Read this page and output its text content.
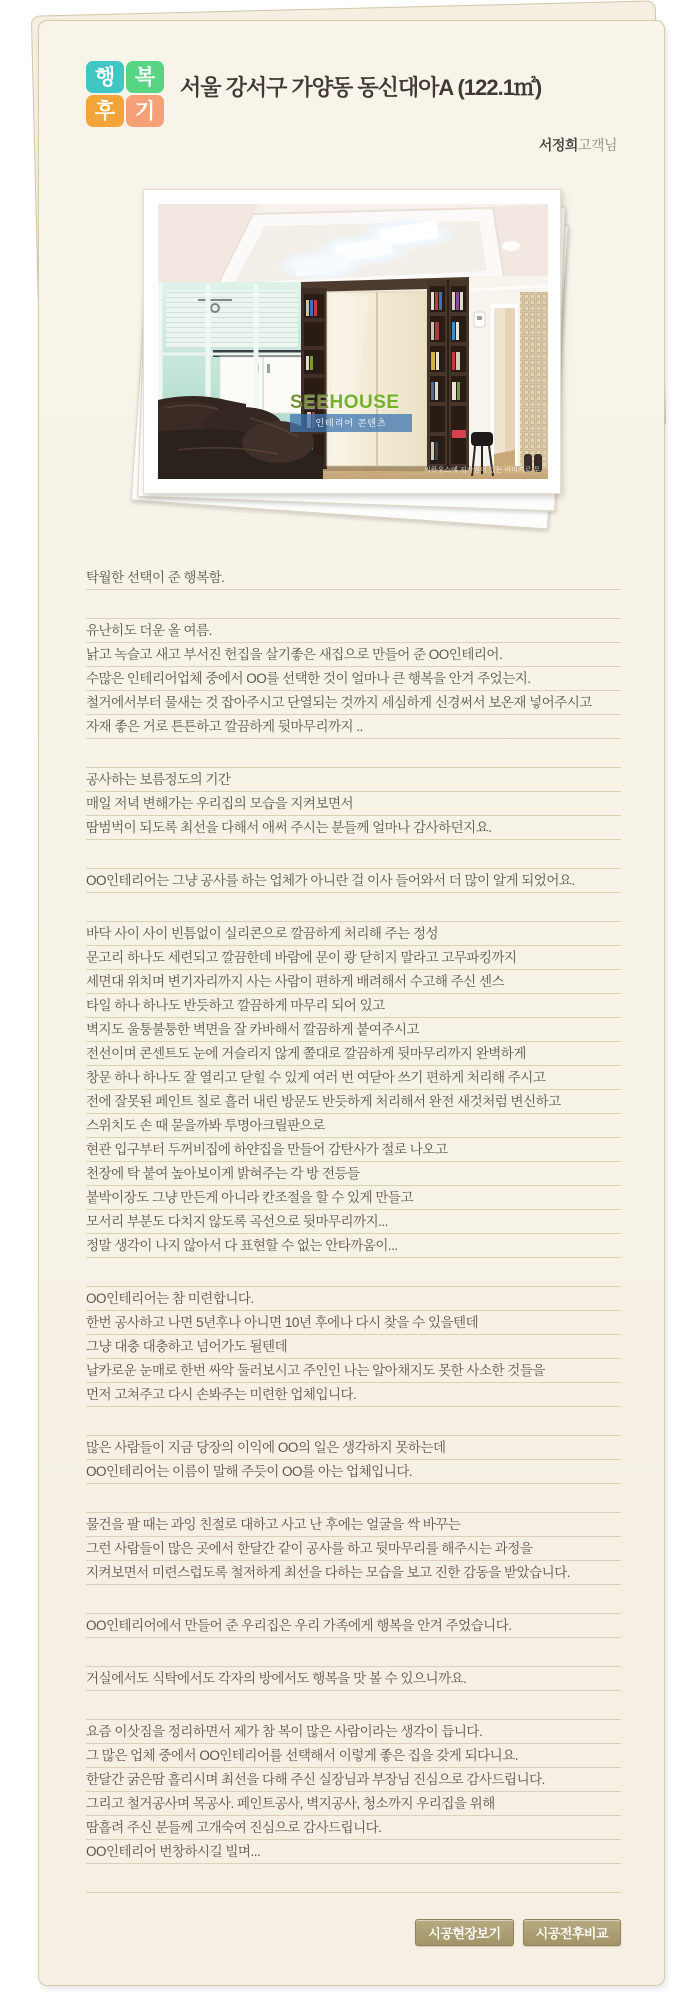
행 복
후 기
서울 강서구 가양동 동신대아A (122.1㎡)
서정희고객님
SEEHOUSE
인테리어 콘텐츠
씨하우스에 저작권이 있는 이미지로 무
탁월한 선택이 준 행복함.
유난히도 더운 올 여름.
낡고 녹슬고 새고 부서진 헌집을 살기좋은 새집으로 만들어 준 OO인테리어.
수많은 인테리어업체 중에서 OO를 선택한 것이 얼마나 큰 행복을 안겨 주었는지.
철거에서부터 물새는 것 잡아주시고 단열되는 것까지 세심하게 신경써서 보온재 넣어주시고
자재 좋은 거로 튼튼하고 깔끔하게 뒷마무리까지 ..
공사하는 보름정도의 기간
매일 저녁 변해가는 우리집의 모습을 지켜보면서
땀범벅이 되도록 최선을 다해서 애써 주시는 분들께 얼마나 감사하던지요.
OO인테리어는 그냥 공사를 하는 업체가 아니란 걸 이사 들어와서 더 많이 알게 되었어요.
바닥 사이 사이 빈틈없이 실리콘으로 깔끔하게 처리해 주는 정성
문고리 하나도 세련되고 깔끔한데 바람에 문이 쾅 닫히지 말라고 고무파킹까지
세면대 위치며 변기자리까지 사는 사람이 편하게 배려해서 수고해 주신 센스
타일 하나 하나도 반듯하고 깔끔하게 마무리 되어 있고
벽지도 울퉁불퉁한 벽면을 잘 카바해서 깔끔하게 붙여주시고
전선이며 콘센트도 눈에 거슬리지 않게 쫄대로 깔끔하게 뒷마무리까지 완벽하게
창문 하나 하나도 잘 열리고 닫힐 수 있게 여러 번 여닫아 쓰기 편하게 처리해 주시고
전에 잘못된 페인트 칠로 흘러 내린 방문도 반듯하게 처리해서 완전 새것처럼 변신하고
스위치도 손 때 묻을까봐 투명아크릴판으로
현관 입구부터 두꺼비집에 하얀집을 만들어 감탄사가 절로 나오고
천장에 탁 붙여 높아보이게 밝혀주는 각 방 전등들
붙박이장도 그냥 만든게 아니라 칸조절을 할 수 있게 만들고
모서리 부분도 다치지 않도록 곡선으로 뒷마무리까지...
정말 생각이 나지 않아서 다 표현할 수 없는 안타까움이...
OO인테리어는 참 미련합니다.
한번 공사하고 나면 5년후나 아니면 10년 후에나 다시 찾을 수 있을텐데
그냥 대충 대충하고 넘어가도 될텐데
날카로운 눈매로 한번 싸악 둘러보시고 주인인 나는 알아채지도 못한 사소한 것들을
먼저 고쳐주고 다시 손봐주는 미련한 업체입니다.
많은 사람들이 지금 당장의 이익에 OO의 일은 생각하지 못하는데
OO인테리어는 이름이 말해 주듯이 OO를 아는 업체입니다.
물건을 팔 때는 과잉 친절로 대하고 사고 난 후에는 얼굴을 싹 바꾸는
그런 사람들이 많은 곳에서 한달간 같이 공사를 하고 뒷마무리를 해주시는 과정을
지켜보면서 미련스럽도록 철저하게 최선을 다하는 모습을 보고 진한 감동을 받았습니다.
OO인테리어에서 만들어 준 우리집은 우리 가족에게 행복을 안겨 주었습니다.
거실에서도 식탁에서도 각자의 방에서도 행복을 맛 볼 수 있으니까요.
요즘 이삿짐을 정리하면서 제가 참 복이 많은 사람이라는 생각이 듭니다.
그 많은 업체 중에서 OO인테리어를 선택해서 이렇게 좋은 집을 갖게 되다니요.
한달간 굵은땀 흘리시며 최선을 다해 주신 실장님과 부장님 진심으로 감사드립니다.
그리고 철거공사며 목공사. 페인트공사, 벽지공사, 청소까지 우리집을 위해
땀흘려 주신 분들께 고개숙여 진심으로 감사드립니다.
OO인테리어 번창하시길 빌며...
시공현장보기	시공전후비교
